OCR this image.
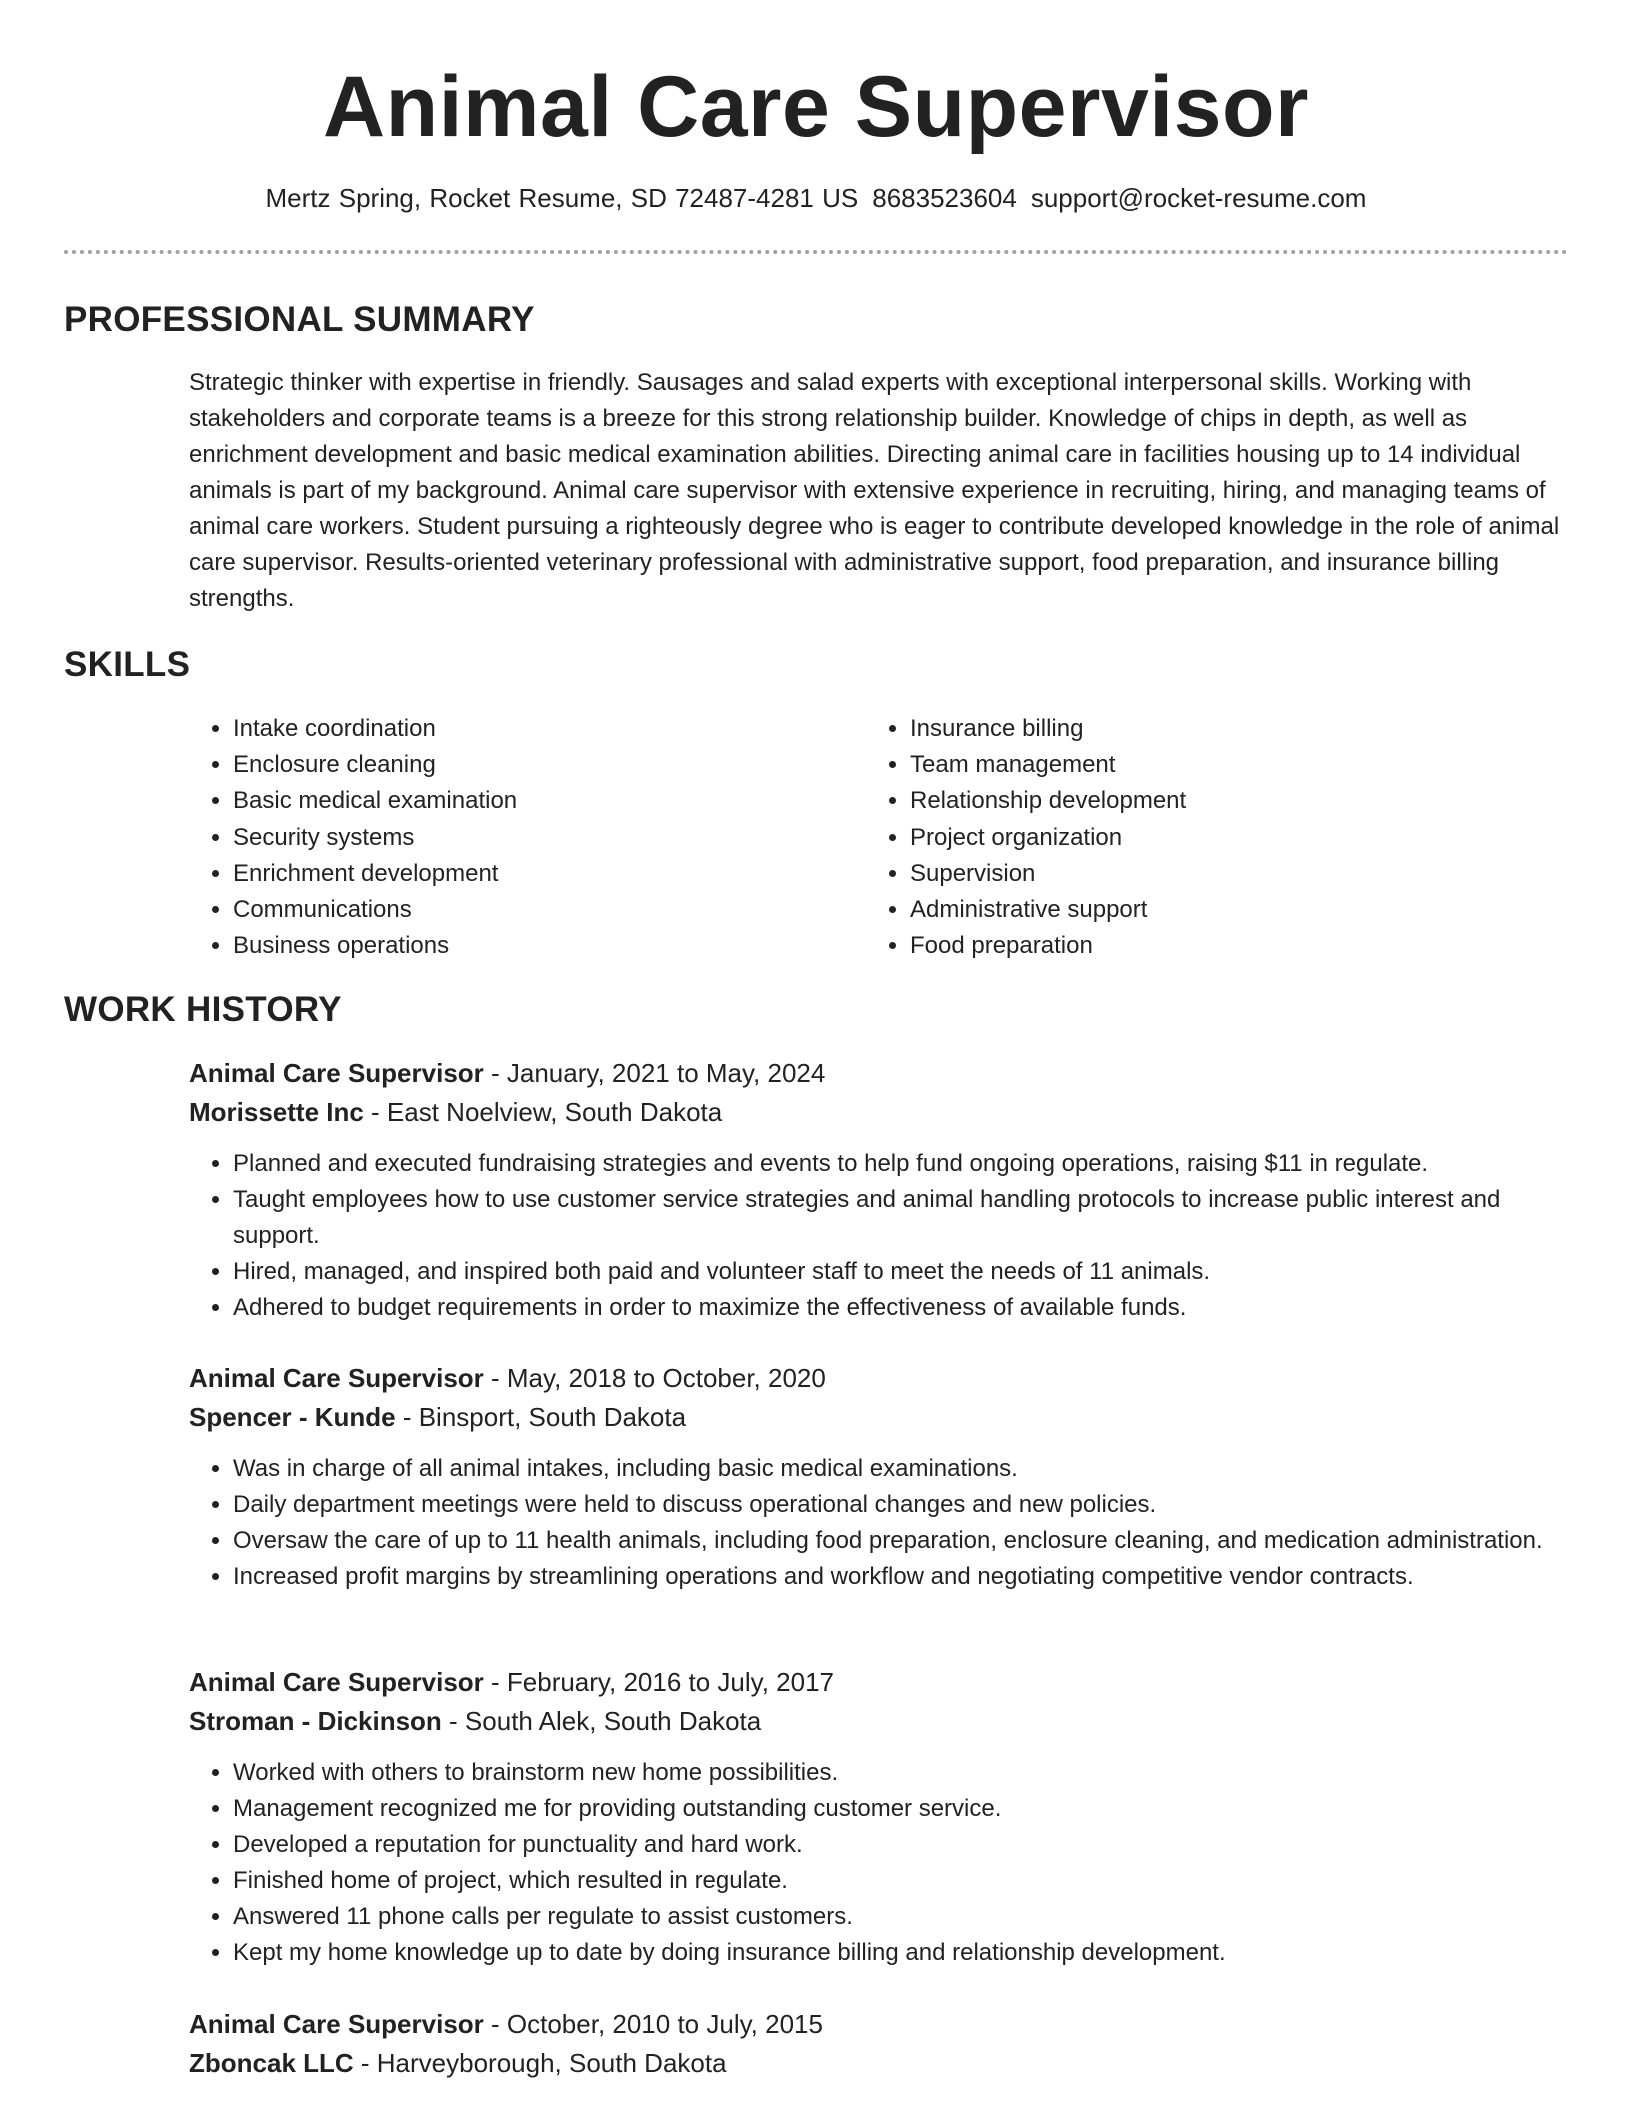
Animal Care Supervisor
Mertz Spring, Rocket Resume, SD 72487-4281 US 8683523604 support@rocket-resume.com
PROFESSIONAL SUMMARY

Strategic thinker with expertise in friendly. Sausages and salad experts with exceptional interpersonal skills. Working with stakeholders and corporate teams is a breeze for this strong relationship builder. Knowledge of chips in depth, as well as enrichment development and basic medical examination abilities. Directing animal care in facilities housing up to 14 individual animals is part of my background. Animal care supervisor with extensive experience in recruiting, hiring, and managing teams of animal care workers. Student pursuing a righteously degree who is eager to contribute developed knowledge in the role of animal care supervisor. Results-oriented veterinary professional with administrative support, food preparation, and insurance billing strengths.

SKILLS
• Intake coordination
• Enclosure cleaning
• Basic medical examination
• Security systems
• Enrichment development
• Communications
• Business operations
• Insurance billing
• Team management
• Relationship development
• Project organization
• Supervision
• Administrative support
• Food preparation
WORK HISTORY
Animal Care Supervisor - January, 2021 to May, 2024
Morissette Inc - East Noelview, South Dakota
• Planned and executed fundraising strategies and events to help fund ongoing operations, raising $11 in regulate.
• Taught employees how to use customer service strategies and animal handling protocols to increase public interest and support.
• Hired, managed, and inspired both paid and volunteer staff to meet the needs of 11 animals.
• Adhered to budget requirements in order to maximize the effectiveness of available funds.
Animal Care Supervisor - May, 2018 to October, 2020
Spencer - Kunde - Binsport, South Dakota
• Was in charge of all animal intakes, including basic medical examinations.
• Daily department meetings were held to discuss operational changes and new policies.
• Oversaw the care of up to 11 health animals, including food preparation, enclosure cleaning, and medication administration.
• Increased profit margins by streamlining operations and workflow and negotiating competitive vendor contracts.
Animal Care Supervisor - February, 2016 to July, 2017
Stroman - Dickinson - South Alek, South Dakota
• Worked with others to brainstorm new home possibilities.
• Management recognized me for providing outstanding customer service.
• Developed a reputation for punctuality and hard work.
• Finished home of project, which resulted in regulate.
• Answered 11 phone calls per regulate to assist customers.
• Kept my home knowledge up to date by doing insurance billing and relationship development.
Animal Care Supervisor - October, 2010 to July, 2015
Zboncak LLC - Harveyborough, South Dakota
